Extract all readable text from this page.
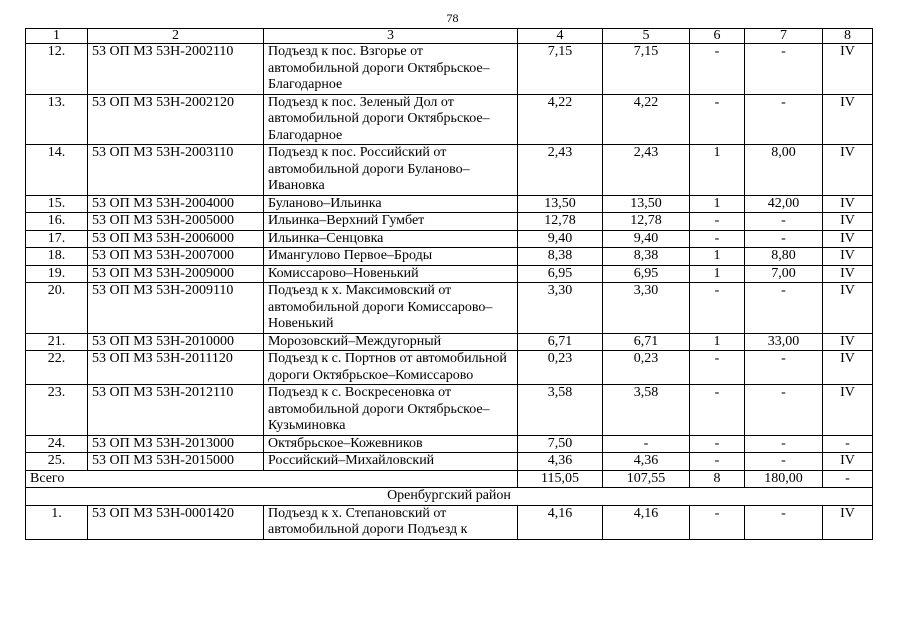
78
1	2	3	4	5	6	7	8
12.	53 ОП МЗ 53Н-2002110	Подъезд к пос. Взгорье от автомобильной дороги Октябрьское–Благодарное	7,15	7,15	-	-	IV
13.	53 ОП МЗ 53Н-2002120	Подъезд к пос. Зеленый Дол от автомобильной дороги Октябрьское–Благодарное	4,22	4,22	-	-	IV
14.	53 ОП МЗ 53Н-2003110	Подъезд к пос. Российский от автомобильной дороги Буланово–Ивановка	2,43	2,43	1	8,00	IV
15.	53 ОП МЗ 53Н-2004000	Буланово–Ильинка	13,50	13,50	1	42,00	IV
16.	53 ОП МЗ 53Н-2005000	Ильинка–Верхний Гумбет	12,78	12,78	-	-	IV
17.	53 ОП МЗ 53Н-2006000	Ильинка–Сенцовка	9,40	9,40	-	-	IV
18.	53 ОП МЗ 53Н-2007000	Имангулово Первое–Броды	8,38	8,38	1	8,80	IV
19.	53 ОП МЗ 53Н-2009000	Комиссарово–Новенький	6,95	6,95	1	7,00	IV
20.	53 ОП МЗ 53Н-2009110	Подъезд к х. Максимовский от автомобильной дороги Комиссарово–Новенький	3,30	3,30	-	-	IV
21.	53 ОП МЗ 53Н-2010000	Морозовский–Междугорный	6,71	6,71	1	33,00	IV
22.	53 ОП МЗ 53Н-2011120	Подъезд к с. Портнов от автомобильной дороги Октябрьское–Комиссарово	0,23	0,23	-	-	IV
23.	53 ОП МЗ 53Н-2012110	Подъезд к с. Воскресеновка от автомобильной дороги Октябрьское–Кузьминовка	3,58	3,58	-	-	IV
24.	53 ОП МЗ 53Н-2013000	Октябрьское–Кожевников	7,50	-	-	-	-
25.	53 ОП МЗ 53Н-2015000	Российский–Михайловский	4,36	4,36	-	-	IV
Всего			115,05	107,55	8	180,00	-
Оренбургский район							
1.	53 ОП МЗ 53Н-0001420	Подъезд к х. Степановский от автомобильной дороги Подъезд к	4,16	4,16	-	-	IV
